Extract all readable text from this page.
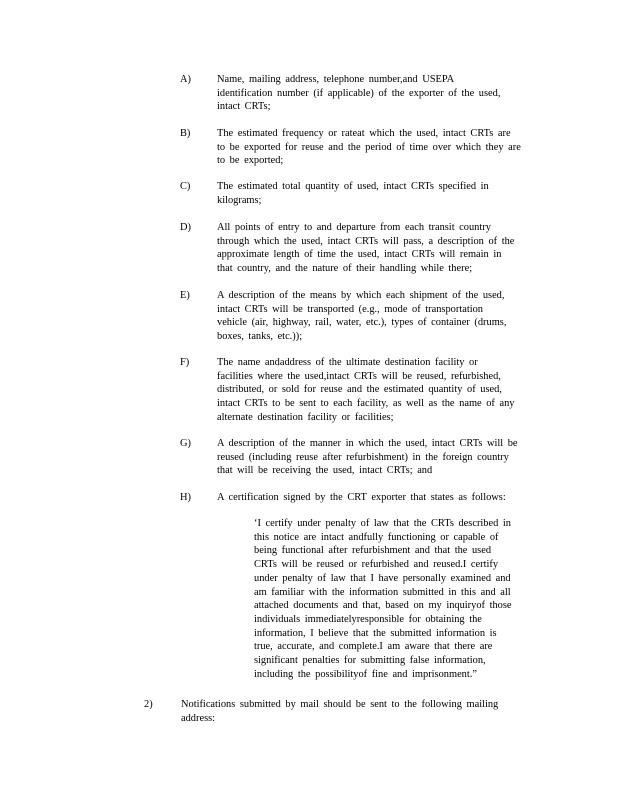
A)	Name, mailing address, telephone number,and USEPA
identification number (if applicable) of the exporter of the used,
intact CRTs;
B)	The estimated frequency or rateat which the used, intact CRTs are
to be exported for reuse and the period of time over which they are
to be exported;
C)	The estimated total quantity of used, intact CRTs specified in
kilograms;
D)	All points of entry to and departure from each transit country
through which the used, intact CRTs will pass, a description of the
approximate length of time the used, intact CRTs will remain in
that country, and the nature of their handling while there;
E)	A description of the means by which each shipment of the used,
intact CRTs will be transported (e.g., mode of transportation
vehicle (air, highway, rail, water, etc.), types of container (drums,
boxes, tanks, etc.));
F)	The name andaddress of the ultimate destination facility or
facilities where the used,intact CRTs will be reused, refurbished,
distributed, or sold for reuse and the estimated quantity of used,
intact CRTs to be sent to each facility, as well as the name of any
alternate destination facility or facilities;
G)	A description of the manner in which the used, intact CRTs will be
reused (including reuse after refurbishment) in the foreign country
that will be receiving the used, intact CRTs; and
H)	A certification signed by the CRT exporter that states as follows:
‘I certify under penalty of law that the CRTs described in
this notice are intact andfully functioning or capable of
being functional after refurbishment and that the used
CRTs will be reused or refurbished and reused.I certify
under penalty of law that I have personally examined and
am familiar with the information submitted in this and all
attached documents and that, based on my inquiryof those
individuals immediatelyresponsible for obtaining the
information, I believe that the submitted information is
true, accurate, and complete.I am aware that there are
significant penalties for submitting false information,
including the possibilityof fine and imprisonment.”
2)	Notifications submitted by mail should be sent to the following mailing
address:
